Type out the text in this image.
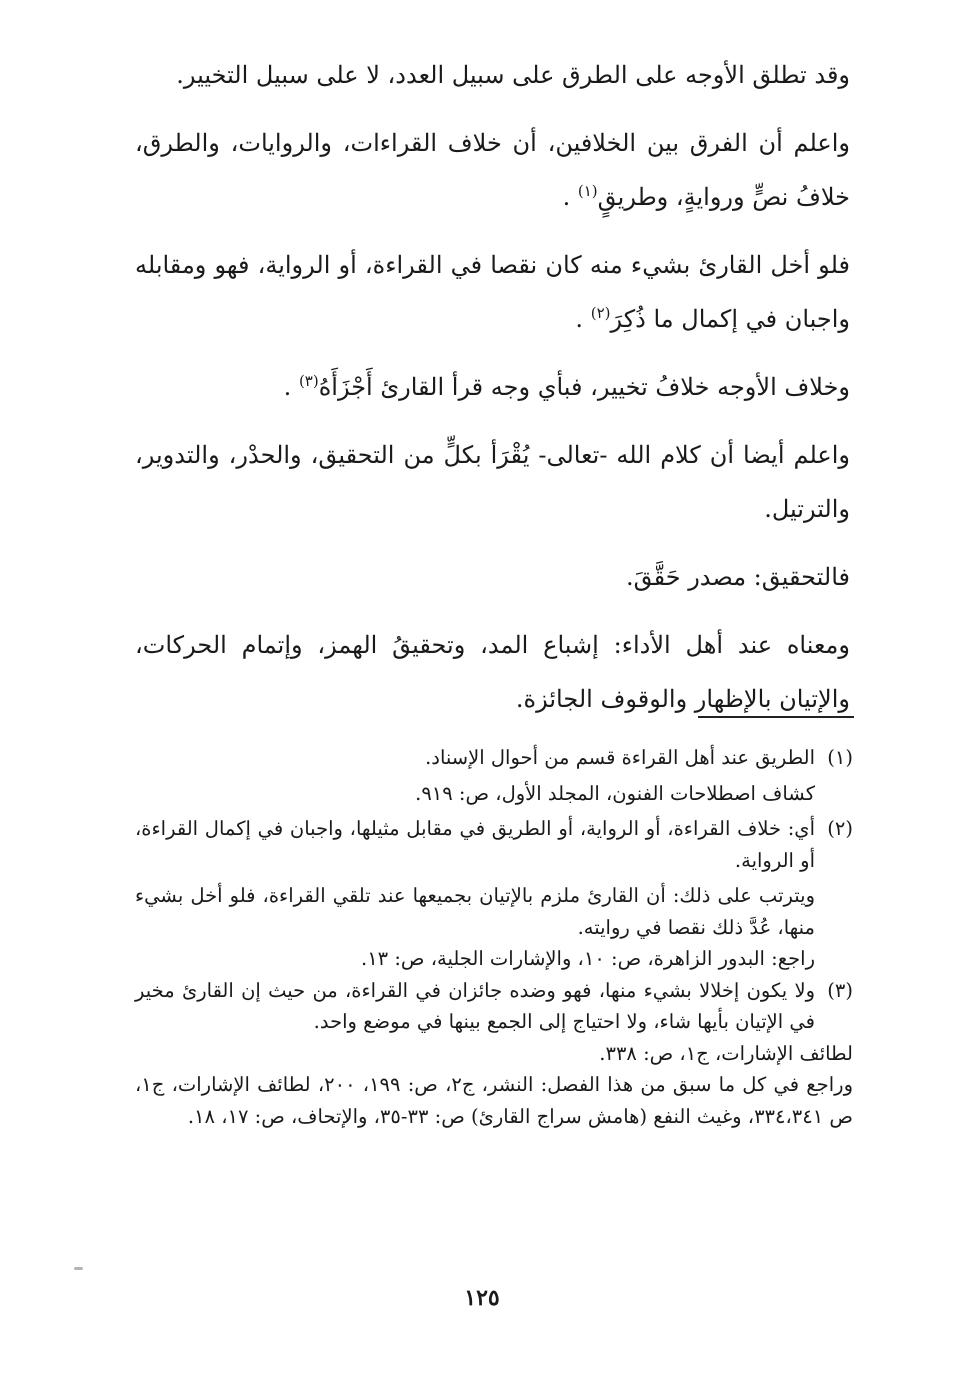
وقد تطلق الأوجه على الطرق على سبيل العدد، لا على سبيل التخيير.

واعلم أن الفرق بين الخلافين، أن خلاف القراءات، والروايات، والطرق، خلافُ نصٍّ وروايةٍ، وطريقٍ$^{(١)}$ .

فلو أخل القارئ بشيء منه كان نقصا في القراءة، أو الرواية، فهو ومقابله واجبان في إكمال ما ذُكِرَ$^{(٢)}$ .

وخلاف الأوجه خلافُ تخيير، فبأي وجه قرأ القارئ أَجْزَأَهُ$^{(٣)}$ .

واعلم أيضا أن كلام الله -تعالى- يُقْرَأ بكلٍّ من التحقيق، والحدْر، والتدوير، والترتيل.

فالتحقيق: مصدر حَقَّقَ.

ومعناه عند أهل الأداء: إشباع المد، وتحقيقُ الهمز، وإتمام الحركات، والإتيان بالإظهار والوقوف الجائزة.

(١)

الطريق عند أهل القراءة قسم من أحوال الإسناد.

كشاف اصطلاحات الفنون، المجلد الأول، ص: ٩١٩.

(٢)

أي: خلاف القراءة، أو الرواية، أو الطريق في مقابل مثيلها، واجبان في إكمال القراءة، أو الرواية.

ويترتب على ذلك: أن القارئ ملزم بالإتيان بجميعها عند تلقي القراءة، فلو أخل بشيء منها، عُدَّ ذلك نقصا في روايته.

راجع: البدور الزاهرة، ص: ١٠، والإشارات الجلية، ص: ١٣.

(٣)

ولا يكون إخلالا بشيء منها، فهو وضده جائزان في القراءة، من حيث إن القارئ مخير في الإتيان بأيها شاء، ولا احتياج إلى الجمع بينها في موضع واحد.

لطائف الإشارات، ج١، ص: ٣٣٨.

وراجع في كل ما سبق من هذا الفصل: النشر، ج٢، ص: ١٩٩، ٢٠٠، لطائف الإشارات، ج١، ص ٣٣٤،٣٤١، وغيث النفع (هامش سراج القارئ) ص: ٣٣-٣٥، والإتحاف، ص: ١٧، ١٨.

١٢٥
